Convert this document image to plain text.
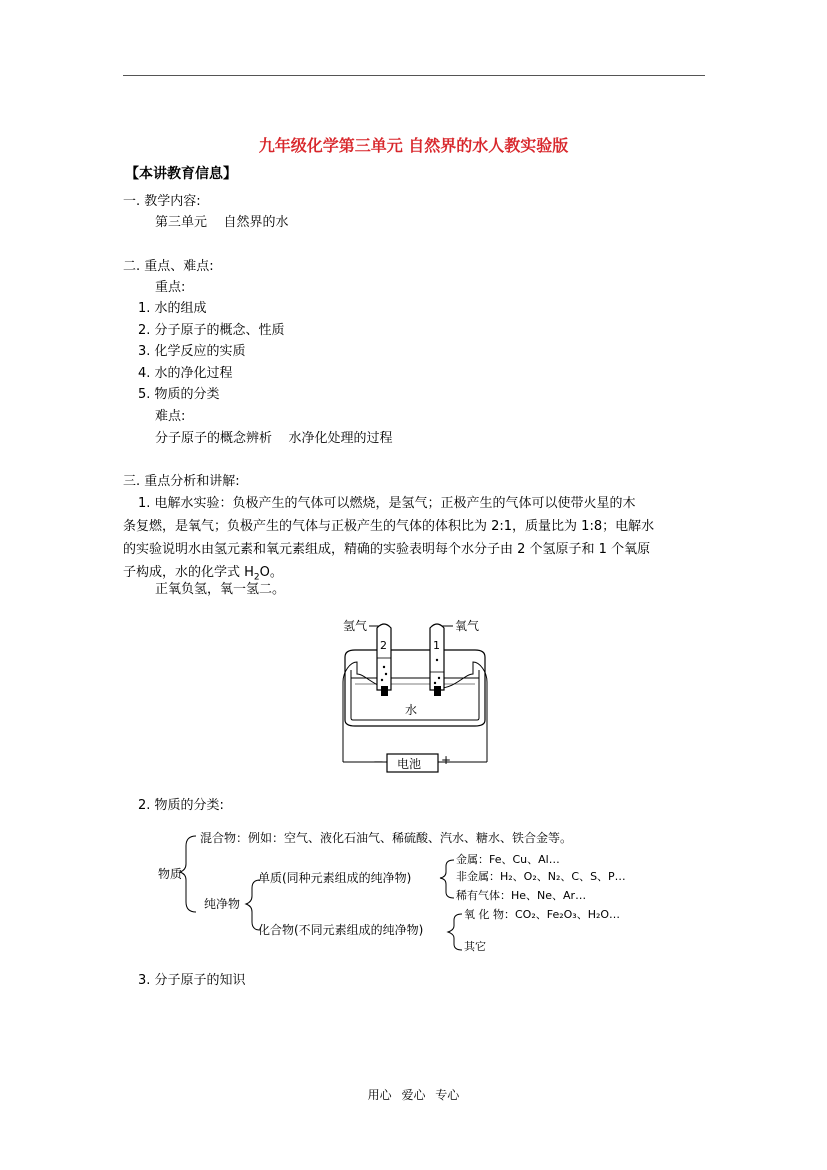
九年级化学第三单元 自然界的水人教实验版
【本讲教育信息】
一. 教学内容:
第三单元    自然界的水
二. 重点、难点:
重点:
1. 水的组成
2. 分子原子的概念、性质
3. 化学反应的实质
4. 水的净化过程
5. 物质的分类
难点:
分子原子的概念辨析    水净化处理的过程
三. 重点分析和讲解:
1. 电解水实验：负极产生的气体可以燃烧，是氢气；正极产生的气体可以使带火星的木
条复燃，是氧气；负极产生的气体与正极产生的气体的体积比为 2:1，质量比为 1:8；电解水
的实验说明水由氢元素和氧元素组成，精确的实验表明每个水分子由 2 个氢原子和 1 个氧原
子构成，水的化学式 $H_2O$。
正氧负氢，氧一氢二。
氢气	氧气
2	1
水
− 电池 +
2. 物质的分类:
物质
混合物：例如：空气、液化石油气、稀硫酸、汽水、糖水、铁合金等。
纯净物
单质(同种元素组成的纯净物)
化合物(不同元素组成的纯净物)
金属：Fe、Cu、Al…
非金属：H₂、O₂、N₂、C、S、P…
稀有气体：He、Ne、Ar…
氧 化 物：CO₂、Fe₂O₃、H₂O…
其它
3. 分子原子的知识
用心 爱心 专心
